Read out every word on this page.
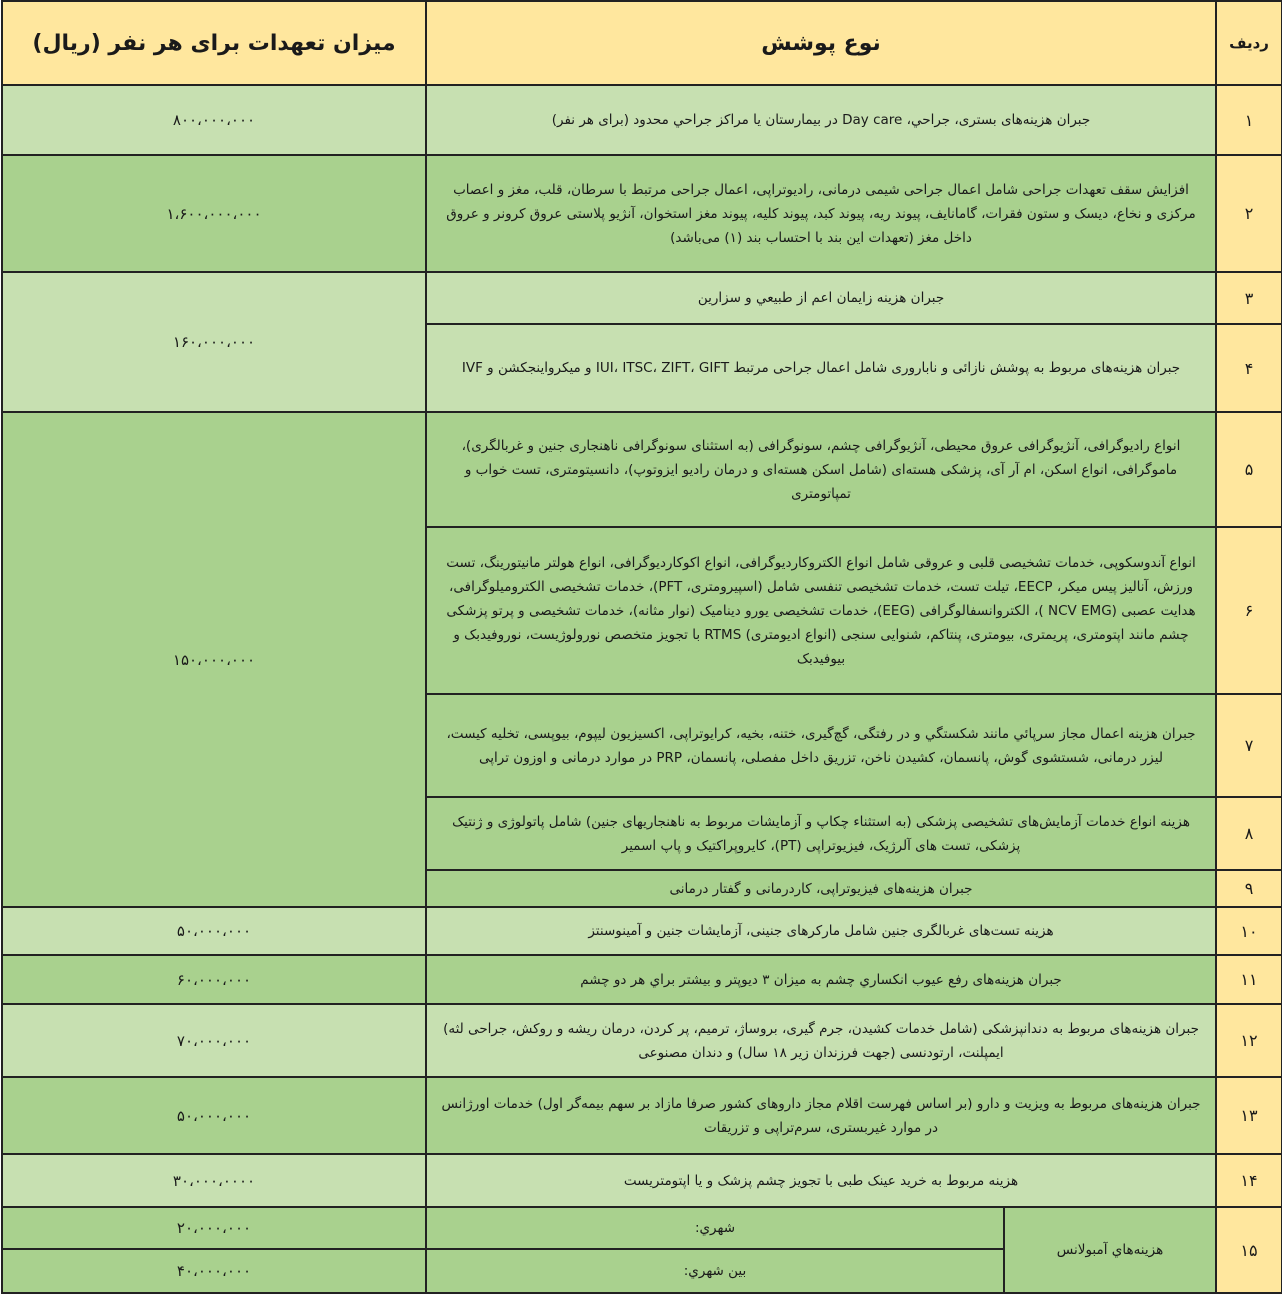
ردیف	نوع پوشش		میزان تعهدات برای هر نفر (ریال)
۱	جبران هزینه‌های بستری، جراحي، Day care در بیمارستان یا مراکز جراحي محدود (برای هر نفر)		۸۰۰،۰۰۰،۰۰۰
۲	افزایش سقف تعهدات جراحی شامل اعمال جراحی شیمی درمانی، رادیوتراپی، اعمال جراحی مرتبط با سرطان، قلب، مغز و اعصاب مرکزی و نخاع، دیسک و ستون فقرات، گامانایف، پیوند ریه، پیوند کبد، پیوند کلیه، پیوند مغز استخوان، آنژیو پلاستی عروق کرونر و عروق داخل مغز (تعهدات این بند با احتساب بند (۱) می‌باشد)		۱،۶۰۰،۰۰۰،۰۰۰
۳	جبران هزینه زایمان اعم از طبیعي و سزارین		۱۶۰،۰۰۰،۰۰۰
۴	جبران هزینه‌های مربوط به پوشش نازائی و ناباروری شامل اعمال جراحی مرتبط IUI، ITSC، ZIFT، GIFT و میکرواینجکشن و IVF		
۵	انواع رادیوگرافی، آنژیوگرافی عروق محیطی، آنژیوگرافی چشم، سونوگرافی (به استثنای سونوگرافی ناهنجاری جنین و غربالگری)، ماموگرافی، انواع اسکن، ام آر آی، پزشکی هسته‌ای (شامل اسکن هسته‌ای و درمان رادیو ایزوتوپ)، دانسیتومتری، تست خواب و تمپاتومتری		۱۵۰،۰۰۰،۰۰۰
۶	انواع آندوسکوپی، خدمات تشخیصی قلبی و عروقی شامل انواع الکتروکاردیوگرافی، انواع اکوکاردیوگرافی، انواع هولتر مانیتورینگ، تست ورزش، آنالیز پیس میکر، EECP، تیلت تست، خدمات تشخیصی تنفسی شامل (اسپیرومتری، PFT)، خدمات تشخیصی الکترومیلوگرافی، هدایت عصبی (NCV EMG )، الکتروانسفالوگرافی (EEG)، خدمات تشخیصی یورو دینامیک (نوار مثانه)، خدمات تشخیصی و پرتو پزشکی چشم مانند اپتومتری، پریمتری، بیومتری، پنتاکم، شنوایی سنجی (انواع ادیومتری) RTMS با تجویز متخصص نورولوژیست، نوروفیدبک و بیوفیدبک		
۷	جبران هزینه اعمال مجاز سرپائي مانند شکستگي و در رفتگی، گچ‌گیری، ختنه، بخیه، کرایوتراپی، اکسیزیون لیپوم، بیوپسی، تخلیه کیست، لیزر درمانی، شستشوی گوش، پانسمان، کشیدن ناخن، تزریق داخل مفصلی، پانسمان، PRP در موارد درمانی و اوزون تراپی		
۸	هزینه انواع خدمات آزمایش‌های تشخیصی پزشکی (به استثناء چکاپ و آزمایشات مربوط به ناهنجاريهای جنین) شامل پاتولوژی و ژنتیک پزشکی، تست های آلرژیک، فیزیوتراپی (PT)، کایروپراکتیک و پاپ اسمیر		
۹	جبران هزینه‌های فیزیوتراپی، کاردرمانی و گفتار درمانی		
۱۰	هزینه تست‌های غربالگری جنین شامل مارکرهای جنینی، آزمایشات جنین و آمینوسنتز		۵۰،۰۰۰،۰۰۰
۱۱	جبران هزینه‌های رفع عیوب انکساري چشم به میزان ۳ دیوپتر و بیشتر براي هر دو چشم		۶۰،۰۰۰،۰۰۰
۱۲	جبران هزینه‌های مربوط به دندانپزشکی (شامل خدمات کشیدن، جرم گیری، بروساژ، ترمیم، پر کردن، درمان ریشه و روکش، جراحی لثه) ایمپلنت، ارتودنسی (جهت فرزندان زیر ۱۸ سال) و دندان مصنوعی		۷۰،۰۰۰،۰۰۰
۱۳	جبران هزینه‌های مربوط به ویزیت و دارو (بر اساس فهرست اقلام مجاز داروهای کشور صرفا مازاد بر سهم بیمه‌گر اول) خدمات اورژانس در موارد غیربستری، سرم‌تراپی و تزریقات		۵۰،۰۰۰،۰۰۰
۱۴	هزینه مربوط به خرید عینک طبی با تجویز چشم پزشک و یا اپتومتریست		۳۰،۰۰۰،۰۰۰۰
۱۵	هزینه‌هاي آمبولانس	شهري:	۲۰،۰۰۰،۰۰۰
		بین شهري:	۴۰،۰۰۰،۰۰۰
